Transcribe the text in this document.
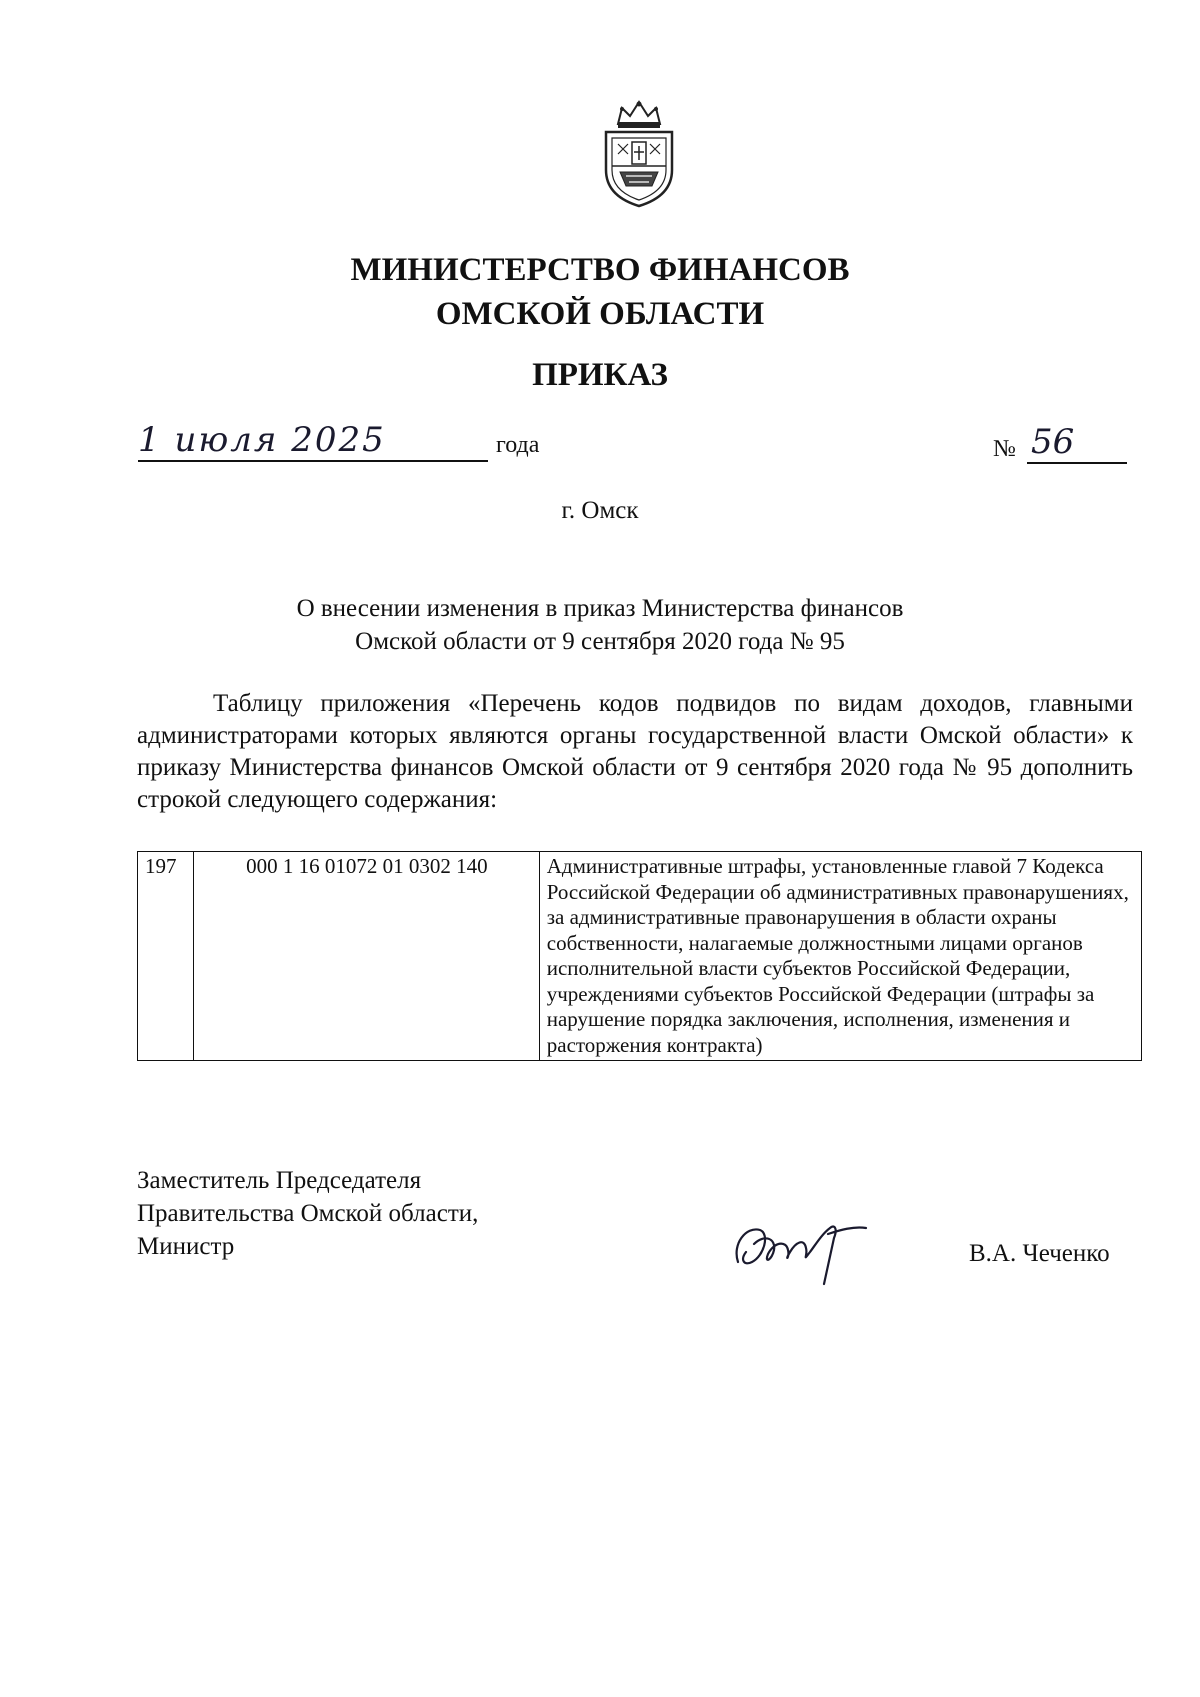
МИНИСТЕРСТВО ФИНАНСОВ
ОМСКОЙ ОБЛАСТИ
ПРИКАЗ
1 июля 2025	года	№ 56
г. Омск
О внесении изменения в приказ Министерства финансов
Омской области от 9 сентября 2020 года № 95
Таблицу приложения «Перечень кодов подвидов по видам доходов, главными администраторами которых являются органы государственной власти Омской области» к приказу Министерства финансов Омской области от 9 сентября 2020 года № 95 дополнить строкой следующего содержания:
197	000 1 16 01072 01 0302 140	Административные штрафы, установленные главой 7 Кодекса Российской Федерации об административных правонарушениях, за административные правонарушения в области охраны собственности, налагаемые должностными лицами органов исполнительной власти субъектов Российской Федерации, учреждениями субъектов Российской Федерации (штрафы за нарушение порядка заключения, исполнения, изменения и расторжения контракта)
Заместитель Председателя
Правительства Омской области,
Министр	В.А. Чеченко
